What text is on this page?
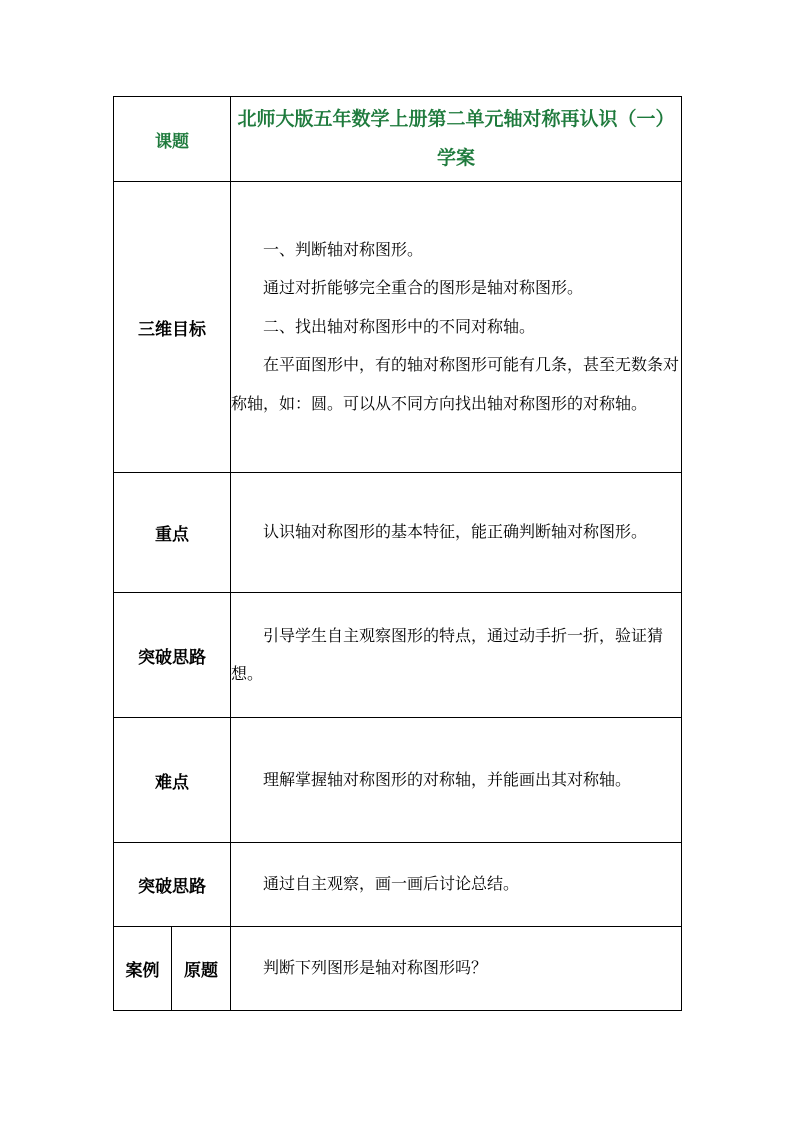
课题		北师大版五年数学上册第二单元轴对称再认识（一）学案
三维目标		一、判断轴对称图形。

通过对折能够完全重合的图形是轴对称图形。

二、找出轴对称图形中的不同对称轴。

在平面图形中，有的轴对称图形可能有几条，甚至无数条对称轴，如：圆。可以从不同方向找出轴对称图形的对称轴。

重点		认识轴对称图形的基本特征，能正确判断轴对称图形。

突破思路		引导学生自主观察图形的特点，通过动手折一折，验证猜想。

难点		理解掌握轴对称图形的对称轴，并能画出其对称轴。

突破思路		通过自主观察，画一画后讨论总结。

案例	原题	判断下列图形是轴对称图形吗？
